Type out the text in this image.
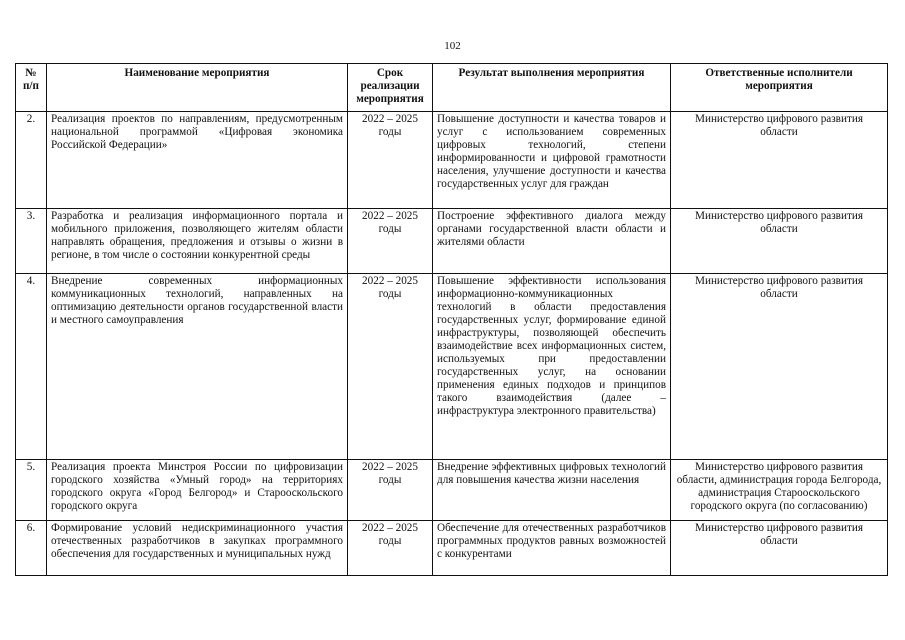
102
№ п/п	Наименование мероприятия	Срок реализации мероприятия	Результат выполнения мероприятия	Ответственные исполнители мероприятия
2.	Реализация проектов по направлениям, предусмотренным национальной программой «Цифровая экономика Российской Федерации»	2022 – 2025 годы	Повышение доступности и качества товаров и услуг с использованием современных цифровых технологий, степени информированности и цифровой грамотности населения, улучшение доступности и качества государственных услуг для граждан	Министерство цифрового развития области
3.	Разработка и реализация информационного портала и мобильного приложения, позволяющего жителям области направлять обращения, предложения и отзывы о жизни в регионе, в том числе о состоянии конкурентной среды	2022 – 2025 годы	Построение эффективного диалога между органами государственной власти области и жителями области	Министерство цифрового развития области
4.	Внедрение современных информационных коммуникационных технологий, направленных на оптимизацию деятельности органов государственной власти и местного самоуправления	2022 – 2025 годы	Повышение эффективности использования информационно-коммуникационных технологий в области предоставления государственных услуг, формирование единой инфраструктуры, позволяющей обеспечить взаимодействие всех информационных систем, используемых при предоставлении государственных услуг, на основании применения единых подходов и принципов такого взаимодействия (далее – инфраструктура электронного правительства)	Министерство цифрового развития области
5.	Реализация проекта Минстроя России по цифровизации городского хозяйства «Умный город» на территориях городского округа «Город Белгород» и Старооскольского городского округа	2022 – 2025 годы	Внедрение эффективных цифровых технологий для повышения качества жизни населения	Министерство цифрового развития области, администрация города Белгорода, администрация Старооскольского городского округа (по согласованию)
6.	Формирование условий недискриминационного участия отечественных разработчиков в закупках программного обеспечения для государственных и муниципальных нужд	2022 – 2025 годы	Обеспечение для отечественных разработчиков программных продуктов равных возможностей с конкурентами	Министерство цифрового развития области
